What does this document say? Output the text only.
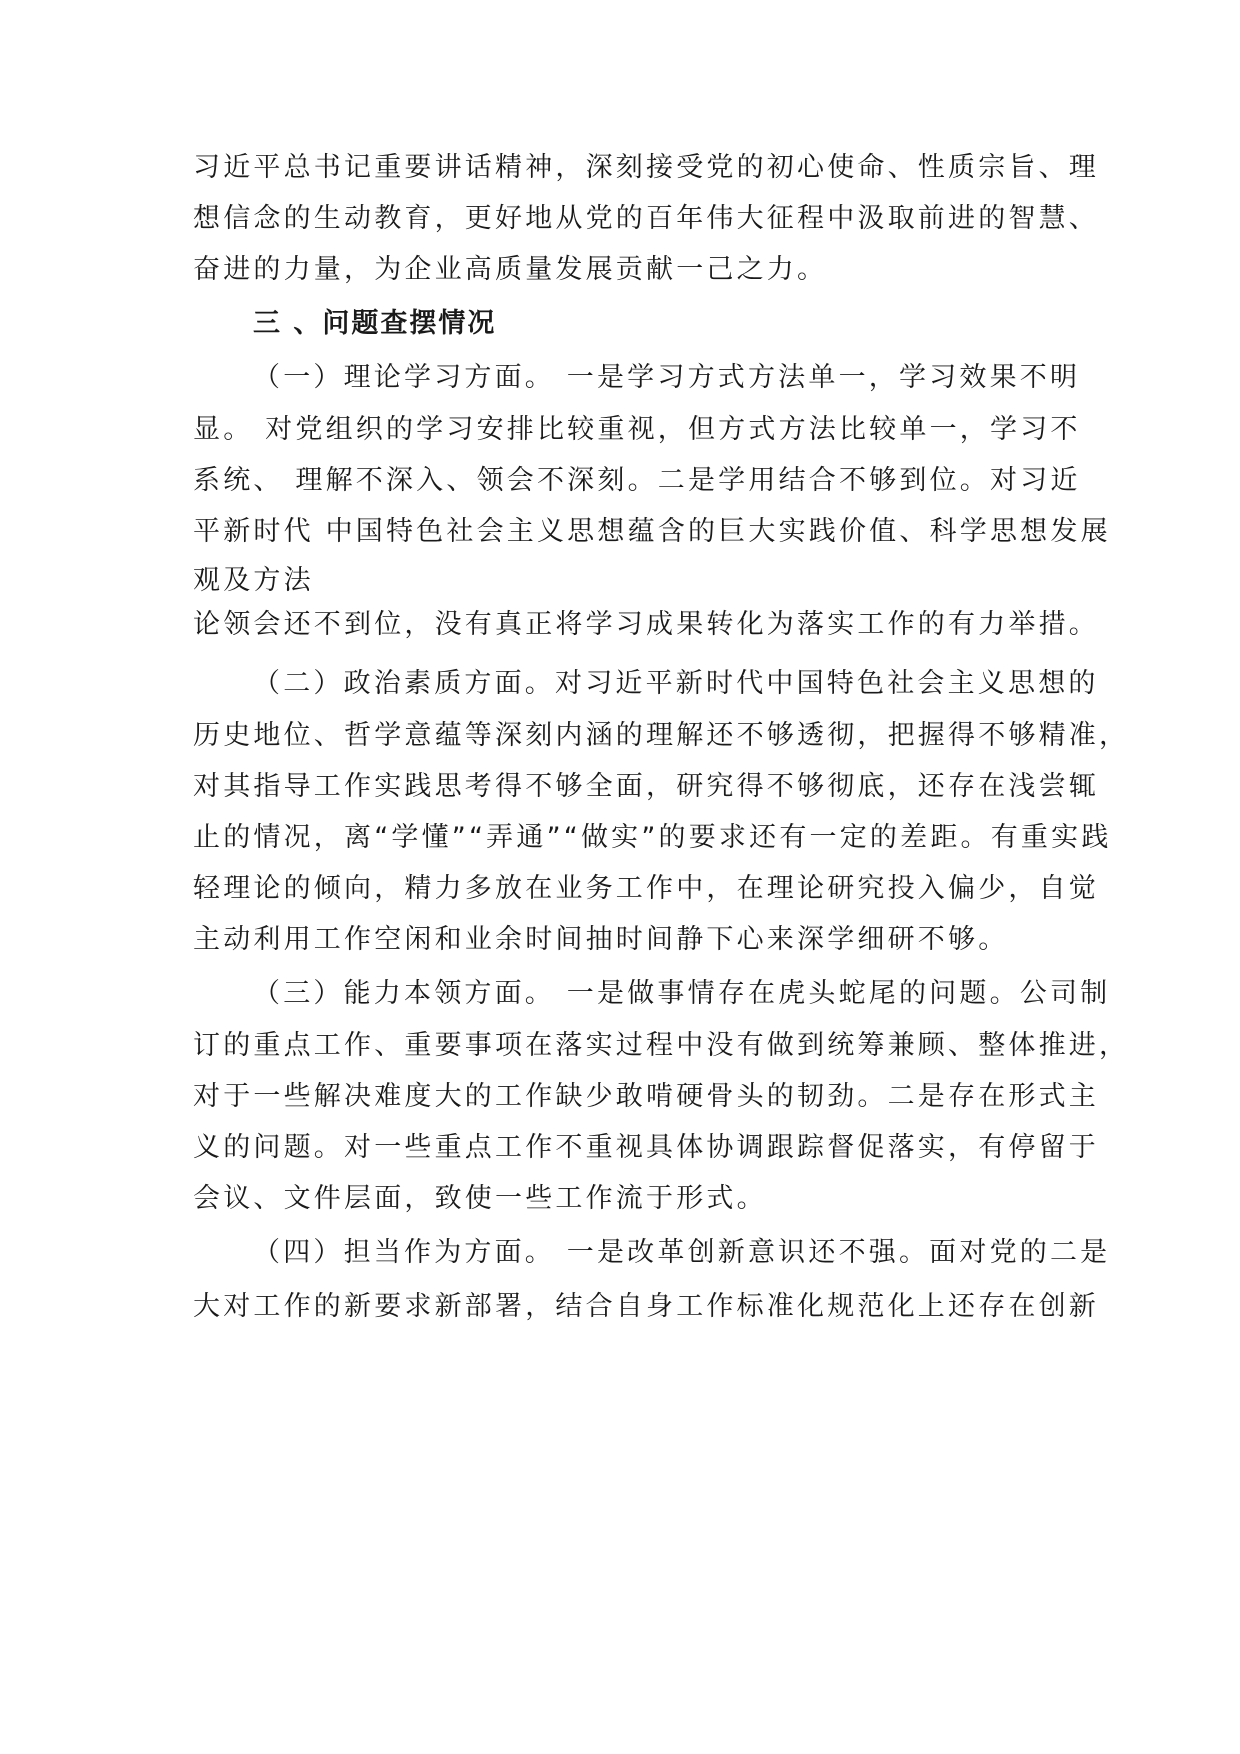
习近平总书记重要讲话精神，深刻接受党的初心使命、性质宗旨、理
想信念的生动教育，更好地从党的百年伟大征程中汲取前进的智慧、
奋进的力量，为企业高质量发展贡献一己之力。
三 、问题查摆情况
（一）理论学习方面。 一是学习方式方法单一，学习效果不明
显。 对党组织的学习安排比较重视，但方式方法比较单一，学习不
系统、 理解不深入、领会不深刻。二是学用结合不够到位。对习近
平新时代 中国特色社会主义思想蕴含的巨大实践价值、科学思想发展
观及方法
论领会还不到位，没有真正将学习成果转化为落实工作的有力举措。
（二）政治素质方面。对习近平新时代中国特色社会主义思想的
历史地位、哲学意蕴等深刻内涵的理解还不够透彻，把握得不够精准，
对其指导工作实践思考得不够全面，研究得不够彻底，还存在浅尝辄
止的情况，离“学懂”“弄通”“做实”的要求还有一定的差距。有重实践
轻理论的倾向，精力多放在业务工作中，在理论研究投入偏少，自觉
主动利用工作空闲和业余时间抽时间静下心来深学细研不够。
（三）能力本领方面。 一是做事情存在虎头蛇尾的问题。公司制
订的重点工作、重要事项在落实过程中没有做到统筹兼顾、整体推进，
对于一些解决难度大的工作缺少敢啃硬骨头的韧劲。二是存在形式主
义的问题。对一些重点工作不重视具体协调跟踪督促落实，有停留于
会议、文件层面，致使一些工作流于形式。
（四）担当作为方面。 一是改革创新意识还不强。面对党的二是
大对工作的新要求新部署，结合自身工作标准化规范化上还存在创新
